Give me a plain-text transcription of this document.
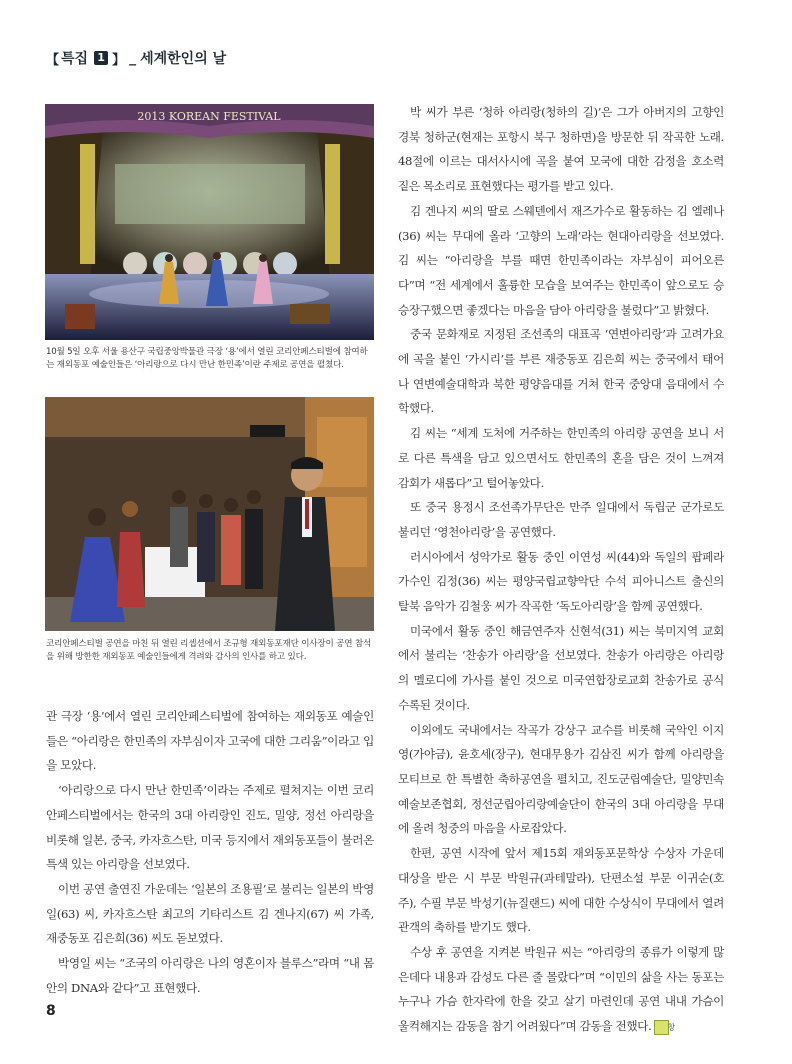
【 특집 1 】 _ 세계한인의 날
2013 KOREAN FESTIVAL
10월 5일 오후 서울 용산구 국립중앙박물관 극장 ‘용’에서 열린 코리안페스티벌에 참여하는 재외동포 예술인들은 ‘아리랑으로 다시 만난 한민족’이란 주제로 공연을 펼쳤다.
코리안페스티벌 공연을 마친 뒤 열린 리셉션에서 조규형 재외동포재단 이사장이 공연 참석을 위해 방한한 재외동포 예술인들에게 격려와 감사의 인사를 하고 있다.

관 극장 ‘용’에서 열린 코리안페스티벌에 참여하는 재외동포 예술인들은 “아리랑은 한민족의 자부심이자 고국에 대한 그리움”이라고 입을 모았다.

‘아리랑으로 다시 만난 한민족’이라는 주제로 펼쳐지는 이번 코리안페스티벌에서는 한국의 3대 아리랑인 진도, 밀양, 정선 아리랑을 비롯해 일본, 중국, 카자흐스탄, 미국 등지에서 재외동포들이 불러온 특색 있는 아리랑을 선보였다.

이번 공연 출연진 가운데는 ‘일본의 조용필’로 불리는 일본의 박영일(63) 씨, 카자흐스탄 최고의 기타리스트 김 겐나지(67) 씨 가족, 재중동포 김은희(36) 씨도 돋보였다.

박영일 씨는 “조국의 아리랑은 나의 영혼이자 블루스”라며 “내 몸 안의 DNA와 같다”고 표현했다.

박 씨가 부른 ‘청하 아리랑(청하의 길)’은 그가 아버지의 고향인 경북 청하군(현재는 포항시 북구 청하면)을 방문한 뒤 작곡한 노래. 48절에 이르는 대서사시에 곡을 붙여 모국에 대한 감정을 호소력 짙은 목소리로 표현했다는 평가를 받고 있다.

김 겐나지 씨의 딸로 스웨덴에서 재즈가수로 활동하는 김 엘레나(36) 씨는 무대에 올라 ‘고향의 노래’라는 현대아리랑을 선보였다. 김 씨는 “아리랑을 부를 때면 한민족이라는 자부심이 피어오른다”며 “전 세계에서 훌륭한 모습을 보여주는 한민족이 앞으로도 승승장구했으면 좋겠다는 마음을 담아 아리랑을 불렀다”고 밝혔다.

중국 문화재로 지정된 조선족의 대표곡 ‘연변아리랑’과 고려가요에 곡을 붙인 ‘가시리’를 부른 재중동포 김은희 씨는 중국에서 태어나 연변예술대학과 북한 평양음대를 거쳐 한국 중앙대 음대에서 수학했다.

김 씨는 “세계 도처에 거주하는 한민족의 아리랑 공연을 보니 서로 다른 특색을 담고 있으면서도 한민족의 혼을 담은 것이 느껴져 감회가 새롭다”고 털어놓았다.

또 중국 용정시 조선족가무단은 만주 일대에서 독립군 군가로도 불리던 ‘영천아리랑’을 공연했다.

러시아에서 성악가로 활동 중인 이연성 씨(44)와 독일의 팝페라 가수인 김정(36) 씨는 평양국립교향악단 수석 피아니스트 출신의 탈북 음악가 김철웅 씨가 작곡한 ‘독도아리랑’을 함께 공연했다.

미국에서 활동 중인 해금연주자 신현석(31) 씨는 북미지역 교회에서 불리는 ‘찬송가 아리랑’을 선보였다. 찬송가 아리랑은 아리랑의 멜로디에 가사를 붙인 것으로 미국연합장로교회 찬송가로 공식 수록된 것이다.

이외에도 국내에서는 작곡가 강상구 교수를 비롯해 국악인 이지영(가야금), 윤호세(장구), 현대무용가 김삼진 씨가 함께 아리랑을 모티브로 한 특별한 축하공연을 펼치고, 진도군립예술단, 밀양민속예술보존협회, 정선군립아리랑예술단이 한국의 3대 아리랑을 무대에 올려 청중의 마음을 사로잡았다.

한편, 공연 시작에 앞서 제15회 재외동포문학상 수상자 가운데 대상을 받은 시 부문 박원규(과테말라), 단편소설 부문 이귀순(호주), 수필 부문 박성기(뉴질랜드) 씨에 대한 수상식이 무대에서 열려 관객의 축하를 받기도 했다.

수상 후 공연을 지켜본 박원규 씨는 “아리랑의 종류가 이렇게 많은데다 내용과 감성도 다른 줄 몰랐다”며 “이민의 삶을 사는 동포는 누구나 가슴 한자락에 한을 갖고 살기 마련인데 공연 내내 가슴이 울컥해지는 감동을 참기 어려웠다”며 감동을 전했다. 창

8
